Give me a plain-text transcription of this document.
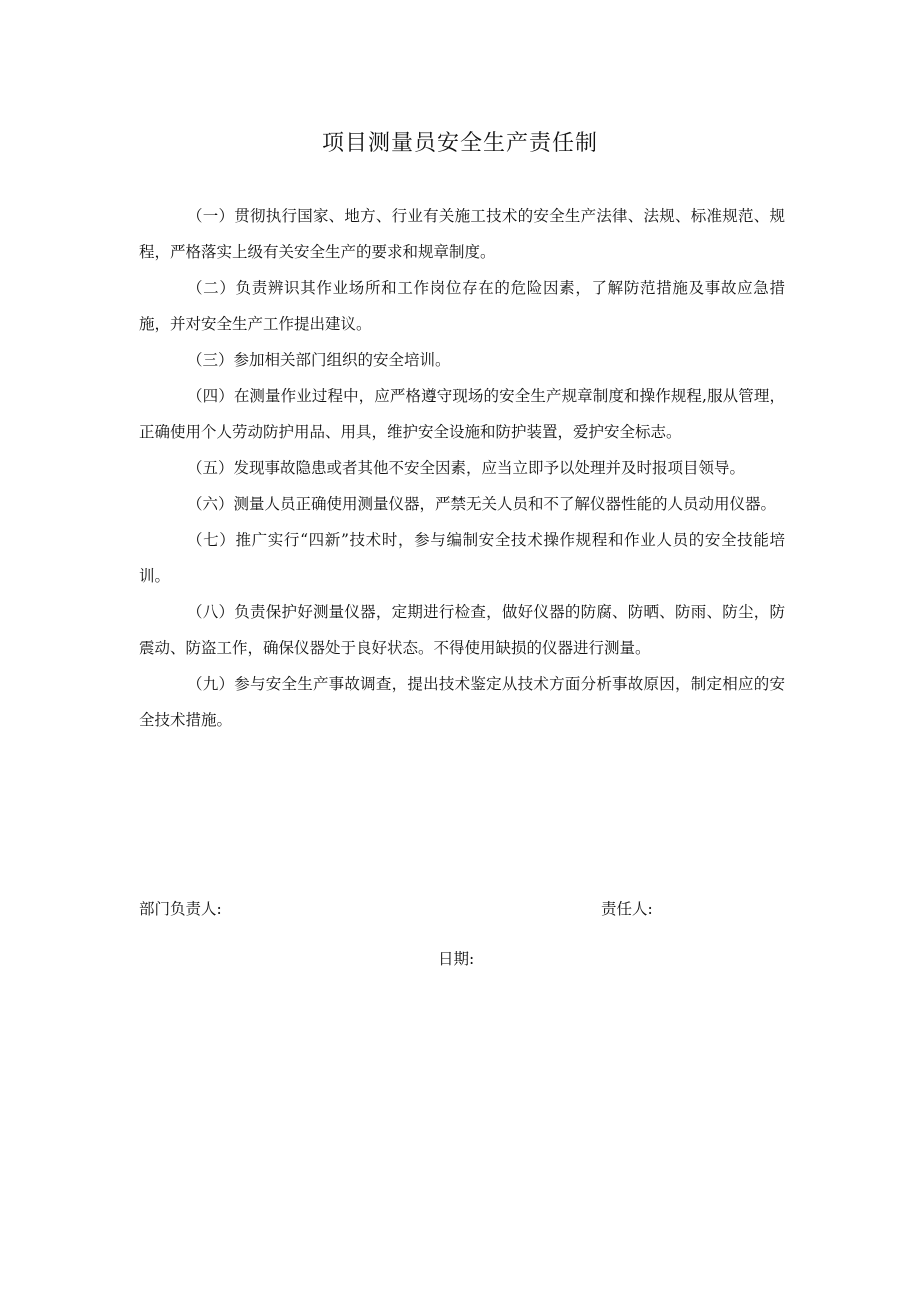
项目测量员安全生产责任制

（一）贯彻执行国家、地方、行业有关施工技术的安全生产法律、法规、标准规范、规程，严格落实上级有关安全生产的要求和规章制度。

（二）负责辨识其作业场所和工作岗位存在的危险因素，了解防范措施及事故应急措施，并对安全生产工作提出建议。

（三）参加相关部门组织的安全培训。

（四）在测量作业过程中，应严格遵守现场的安全生产规章制度和操作规程,服从管理，正确使用个人劳动防护用品、用具，维护安全设施和防护装置，爱护安全标志。

（五）发现事故隐患或者其他不安全因素，应当立即予以处理并及时报项目领导。

（六）测量人员正确使用测量仪器，严禁无关人员和不了解仪器性能的人员动用仪器。

（七）推广实行“四新”技术时，参与编制安全技术操作规程和作业人员的安全技能培训。

（八）负责保护好测量仪器，定期进行检查，做好仪器的防腐、防晒、防雨、防尘，防震动、防盗工作，确保仪器处于良好状态。不得使用缺损的仪器进行测量。

（九）参与安全生产事故调查，提出技术鉴定从技术方面分析事故原因，制定相应的安全技术措施。

部门负责人:	责任人:
日期:
